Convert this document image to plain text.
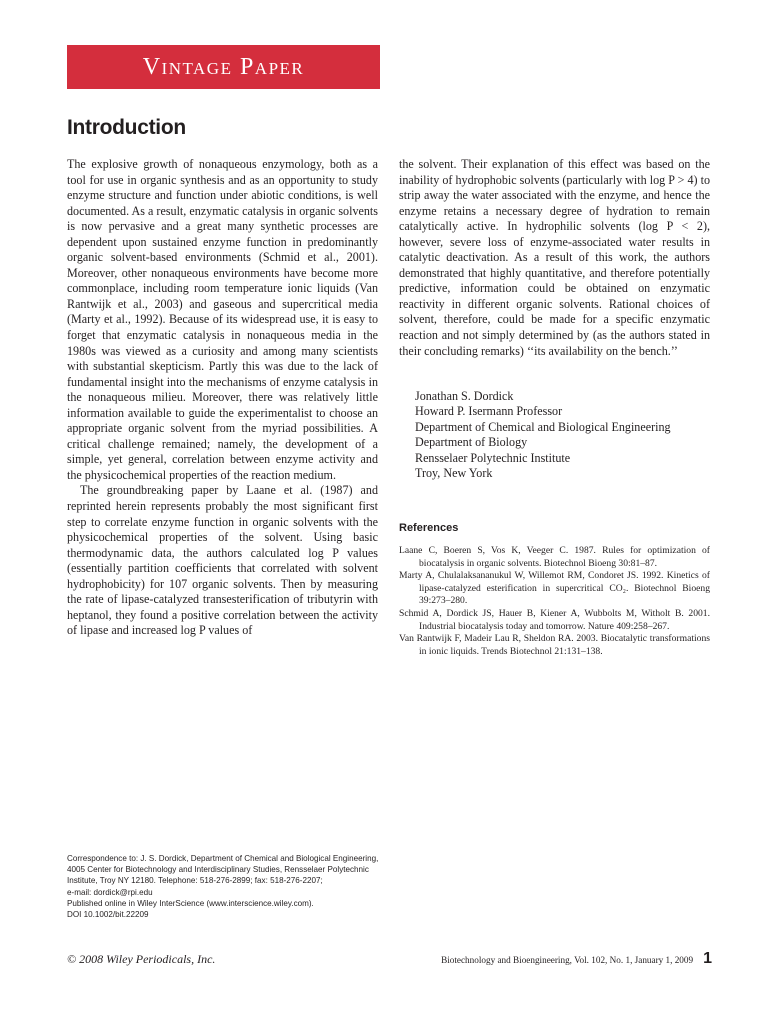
Vintage Paper
Introduction

The explosive growth of nonaqueous enzymology, both as a tool for use in organic synthesis and as an opportunity to study enzyme structure and function under abiotic conditions, is well documented. As a result, enzymatic catalysis in organic solvents is now pervasive and a great many synthetic processes are dependent upon sustained enzyme function in predominantly organic solvent-based environments (Schmid et al., 2001). Moreover, other nonaqueous environments have become more commonplace, including room temperature ionic liquids (Van Rantwijk et al., 2003) and gaseous and supercritical media (Marty et al., 1992). Because of its widespread use, it is easy to forget that enzymatic catalysis in nonaqueous media in the 1980s was viewed as a curiosity and among many scientists with substantial skepticism. Partly this was due to the lack of fundamental insight into the mechanisms of enzyme catalysis in the nonaqueous milieu. Moreover, there was relatively little information available to guide the experimentalist to choose an appropriate organic solvent from the myriad possibilities. A critical challenge remained; namely, the development of a simple, yet general, correlation between enzyme activity and the physicochemical properties of the reaction medium.

The groundbreaking paper by Laane et al. (1987) and reprinted herein represents probably the most significant first step to correlate enzyme function in organic solvents with the physicochemical properties of the solvent. Using basic thermodynamic data, the authors calculated log P values (essentially partition coefficients that correlated with solvent hydrophobicity) for 107 organic solvents. Then by measuring the rate of lipase-catalyzed transesterification of tributyrin with heptanol, they found a positive correlation between the activity of lipase and increased log P values of

the solvent. Their explanation of this effect was based on the inability of hydrophobic solvents (particularly with log P > 4) to strip away the water associated with the enzyme, and hence the enzyme retains a necessary degree of hydration to remain catalytically active. In hydrophilic solvents (log P < 2), however, severe loss of enzyme-associated water results in catalytic deactivation. As a result of this work, the authors demonstrated that highly quantitative, and therefore potentially predictive, information could be obtained on enzymatic reactivity in different organic solvents. Rational choices of solvent, therefore, could be made for a specific enzymatic reaction and not simply determined by (as the authors stated in their concluding remarks) ‘‘its availability on the bench.’’

Jonathan S. Dordick
Howard P. Isermann Professor
Department of Chemical and Biological Engineering
Department of Biology
Rensselaer Polytechnic Institute
Troy, New York
References
Laane C, Boeren S, Vos K, Veeger C. 1987. Rules for optimization of biocatalysis in organic solvents. Biotechnol Bioeng 30:81–87.
Marty A, Chulalaksananukul W, Willemot RM, Condoret JS. 1992. Kinetics of lipase-catalyzed esterification in supercritical CO₂. Biotechnol Bioeng 39:273–280.
Schmid A, Dordick JS, Hauer B, Kiener A, Wubbolts M, Witholt B. 2001. Industrial biocatalysis today and tomorrow. Nature 409:258–267.
Van Rantwijk F, Madeir Lau R, Sheldon RA. 2003. Biocatalytic transformations in ionic liquids. Trends Biotechnol 21:131–138.
Correspondence to: J. S. Dordick, Department of Chemical and Biological Engineering,
4005 Center for Biotechnology and Interdisciplinary Studies, Rensselaer Polytechnic
Institute, Troy NY 12180. Telephone: 518-276-2899; fax: 518-276-2207;
e-mail: dordick@rpi.edu
Published online in Wiley InterScience (www.interscience.wiley.com).
DOI 10.1002/bit.22209
© 2008 Wiley Periodicals, Inc.	Biotechnology and Bioengineering, Vol. 102, No. 1, January 1, 2009 1
